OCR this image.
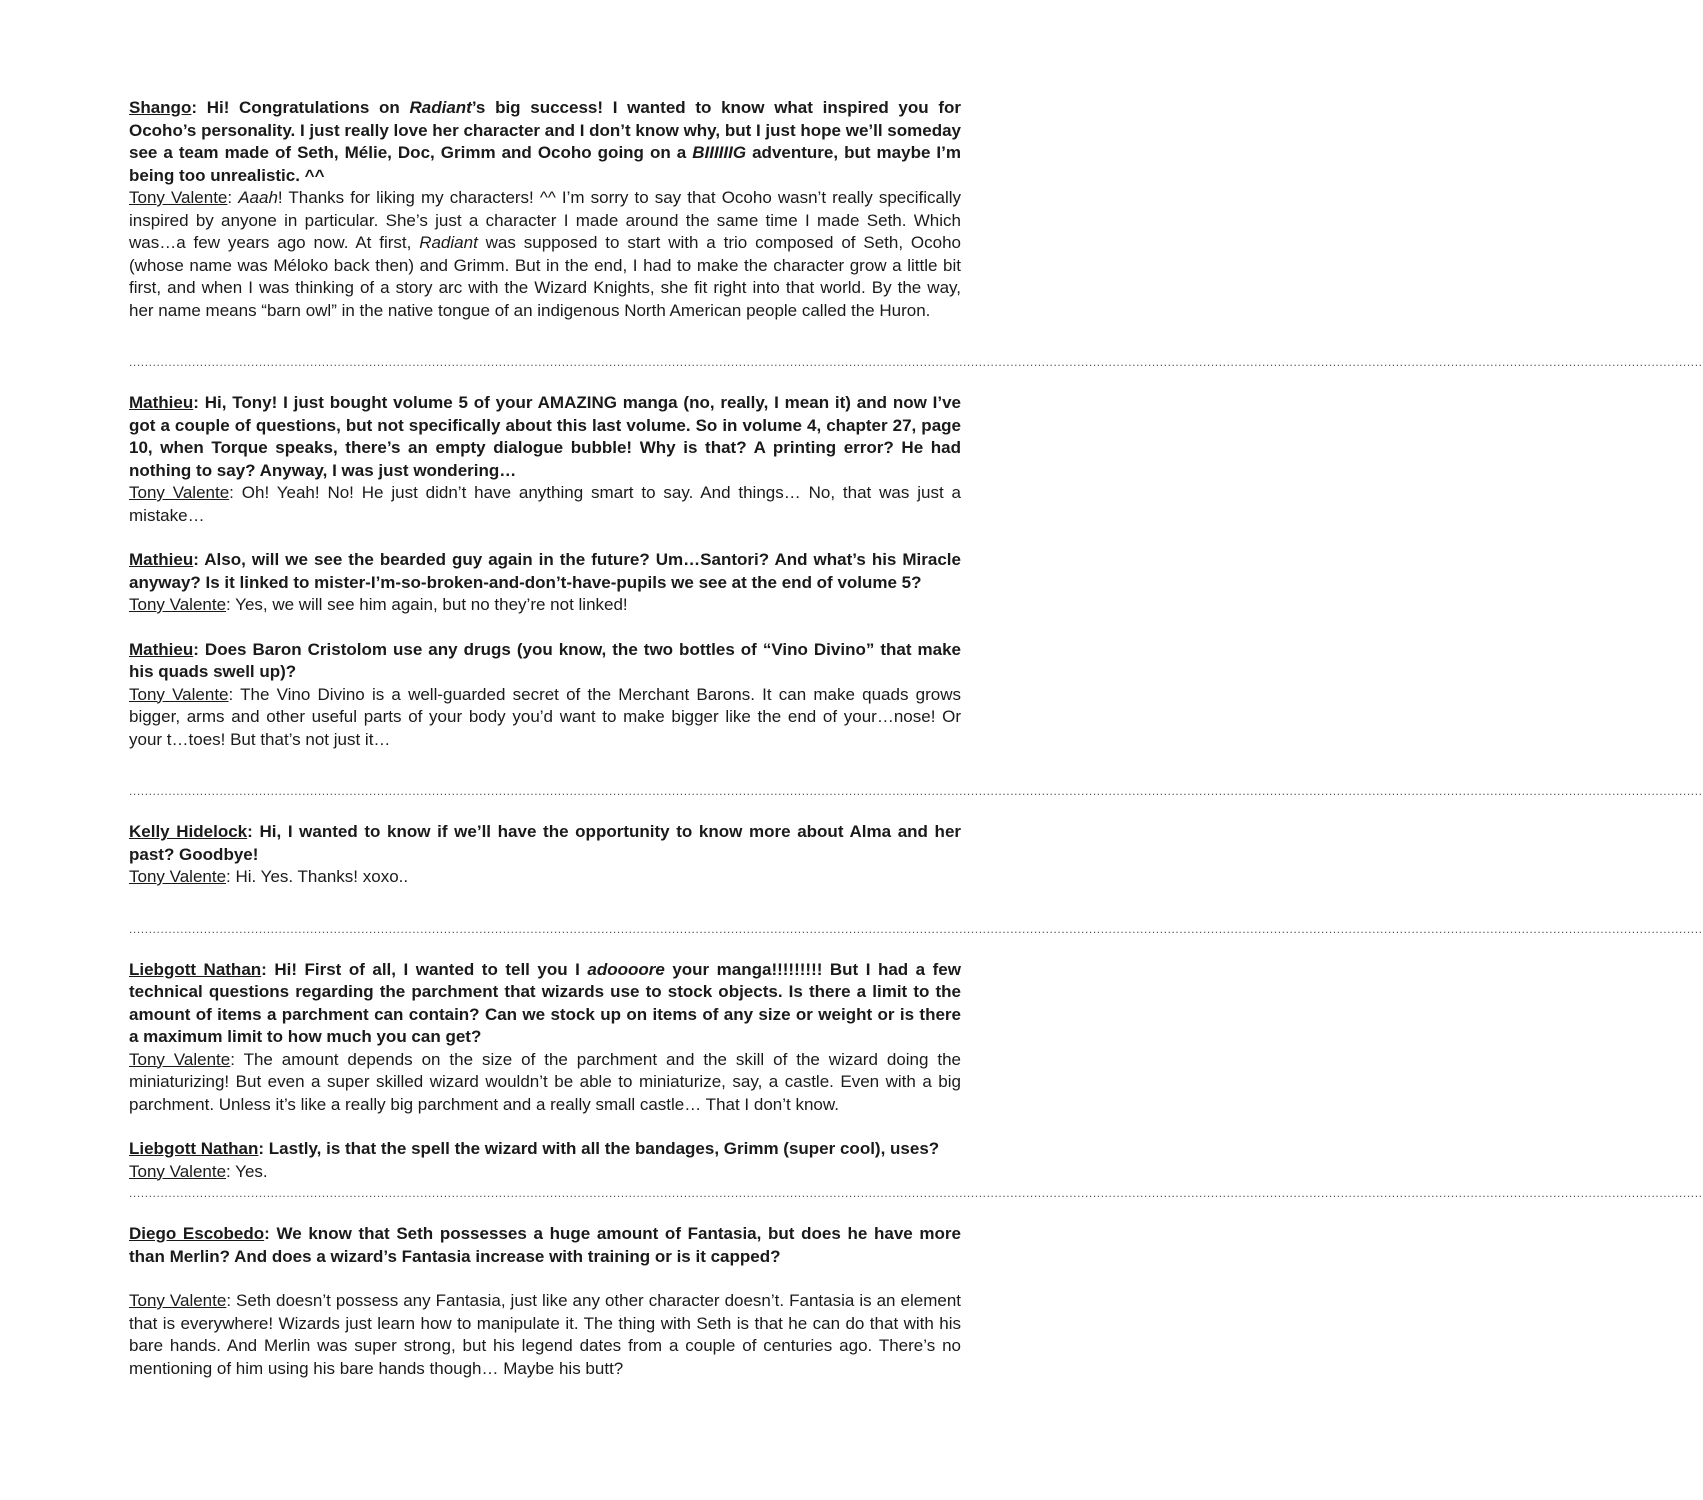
Shango: Hi! Congratulations on Radiant’s big success! I wanted to know what inspired you for Ocoho’s personality. I just really love her character and I don’t know why, but I just hope we’ll someday see a team made of Seth, Mélie, Doc, Grimm and Ocoho going on a BIIIIIIG adventure, but maybe I’m being too unrealistic. ^^
Tony Valente: Aaah! Thanks for liking my characters! ^^ I’m sorry to say that Ocoho wasn’t really specifically inspired by anyone in particular. She’s just a character I made around the same time I made Seth. Which was…a few years ago now. At first, Radiant was supposed to start with a trio composed of Seth, Ocoho (whose name was Méloko back then) and Grimm. But in the end, I had to make the character grow a little bit first, and when I was thinking of a story arc with the Wizard Knights, she fit right into that world. By the way, her name means “barn owl” in the native tongue of an indigenous North American people called the Huron.
................................................................................................................................................................................................................................................................................................................................................................................................................
Mathieu: Hi, Tony! I just bought volume 5 of your AMAZING manga (no, really, I mean it) and now I’ve got a couple of questions, but not specifically about this last volume. So in volume 4, chapter 27, page 10, when Torque speaks, there’s an empty dialogue bubble! Why is that? A printing error? He had nothing to say? Anyway, I was just wondering…
Tony Valente: Oh! Yeah! No! He just didn’t have anything smart to say. And things… No, that was just a mistake…
Mathieu: Also, will we see the bearded guy again in the future? Um…Santori? And what’s his Miracle anyway? Is it linked to mister-I’m-so-broken-and-don’t-have-pupils we see at the end of volume 5?
Tony Valente: Yes, we will see him again, but no they’re not linked!
Mathieu: Does Baron Cristolom use any drugs (you know, the two bottles of “Vino Divino” that make his quads swell up)?
Tony Valente: The Vino Divino is a well-guarded secret of the Merchant Barons. It can make quads grows bigger, arms and other useful parts of your body you’d want to make bigger like the end of your…nose! Or your t…toes! But that’s not just it…
................................................................................................................................................................................................................................................................................................................................................................................................................
Kelly Hidelock: Hi, I wanted to know if we’ll have the opportunity to know more about Alma and her past? Goodbye!
Tony Valente: Hi. Yes. Thanks! xoxo..
................................................................................................................................................................................................................................................................................................................................................................................................................
Liebgott Nathan: Hi! First of all, I wanted to tell you I adoooore your manga!!!!!!!!! But I had a few technical questions regarding the parchment that wizards use to stock objects. Is there a limit to the amount of items a parchment can contain? Can we stock up on items of any size or weight or is there a maximum limit to how much you can get?
Tony Valente: The amount depends on the size of the parchment and the skill of the wizard doing the miniaturizing! But even a super skilled wizard wouldn’t be able to miniaturize, say, a castle. Even with a big parchment. Unless it’s like a really big parchment and a really small castle… That I don’t know.
Liebgott Nathan: Lastly, is that the spell the wizard with all the bandages, Grimm (super cool), uses?
Tony Valente: Yes.
................................................................................................................................................................................................................................................................................................................................................................................................................
Diego Escobedo: We know that Seth possesses a huge amount of Fantasia, but does he have more than Merlin? And does a wizard’s Fantasia increase with training or is it capped?
Tony Valente: Seth doesn’t possess any Fantasia, just like any other character doesn’t. Fantasia is an element that is everywhere! Wizards just learn how to manipulate it. The thing with Seth is that he can do that with his bare hands. And Merlin was super strong, but his legend dates from a couple of centuries ago. There’s no mentioning of him using his bare hands though… Maybe his butt?
